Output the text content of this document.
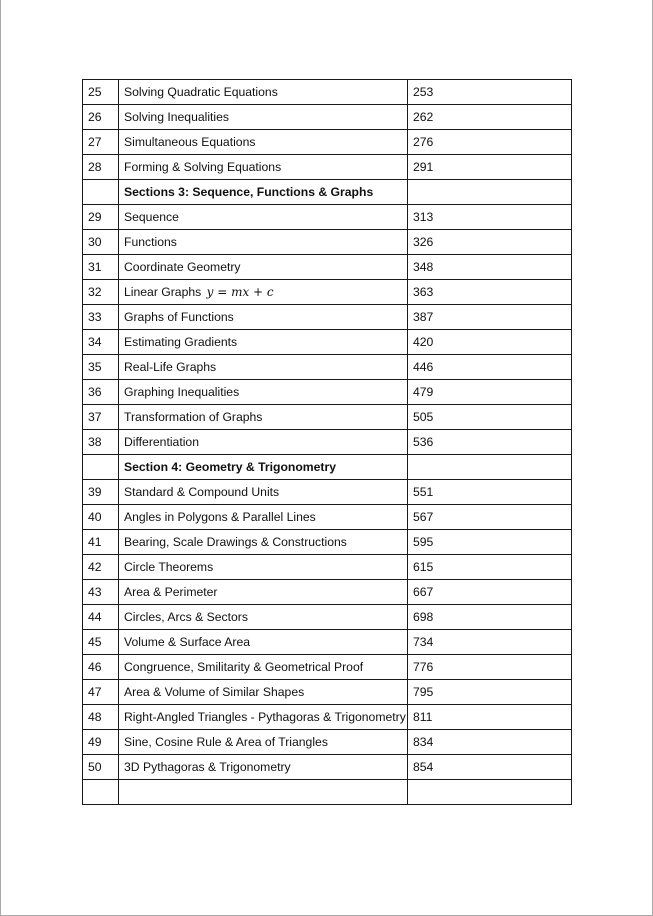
25	Solving Quadratic Equations	253
26	Solving Inequalities	262
27	Simultaneous Equations	276
28	Forming & Solving Equations	291
	Sections 3: Sequence, Functions & Graphs	
29	Sequence	313
30	Functions	326
31	Coordinate Geometry	348
32	Linear Graphs y = mx + c	363
33	Graphs of Functions	387
34	Estimating Gradients	420
35	Real-Life Graphs	446
36	Graphing Inequalities	479
37	Transformation of Graphs	505
38	Differentiation	536
	Section 4: Geometry & Trigonometry	
39	Standard & Compound Units	551
40	Angles in Polygons & Parallel Lines	567
41	Bearing, Scale Drawings & Constructions	595
42	Circle Theorems	615
43	Area & Perimeter	667
44	Circles, Arcs & Sectors	698
45	Volume & Surface Area	734
46	Congruence, Smilitarity & Geometrical Proof	776
47	Area & Volume of Similar Shapes	795
48	Right-Angled Triangles - Pythagoras & Trigonometry	811
49	Sine, Cosine Rule & Area of Triangles	834
50	3D Pythagoras & Trigonometry	854
